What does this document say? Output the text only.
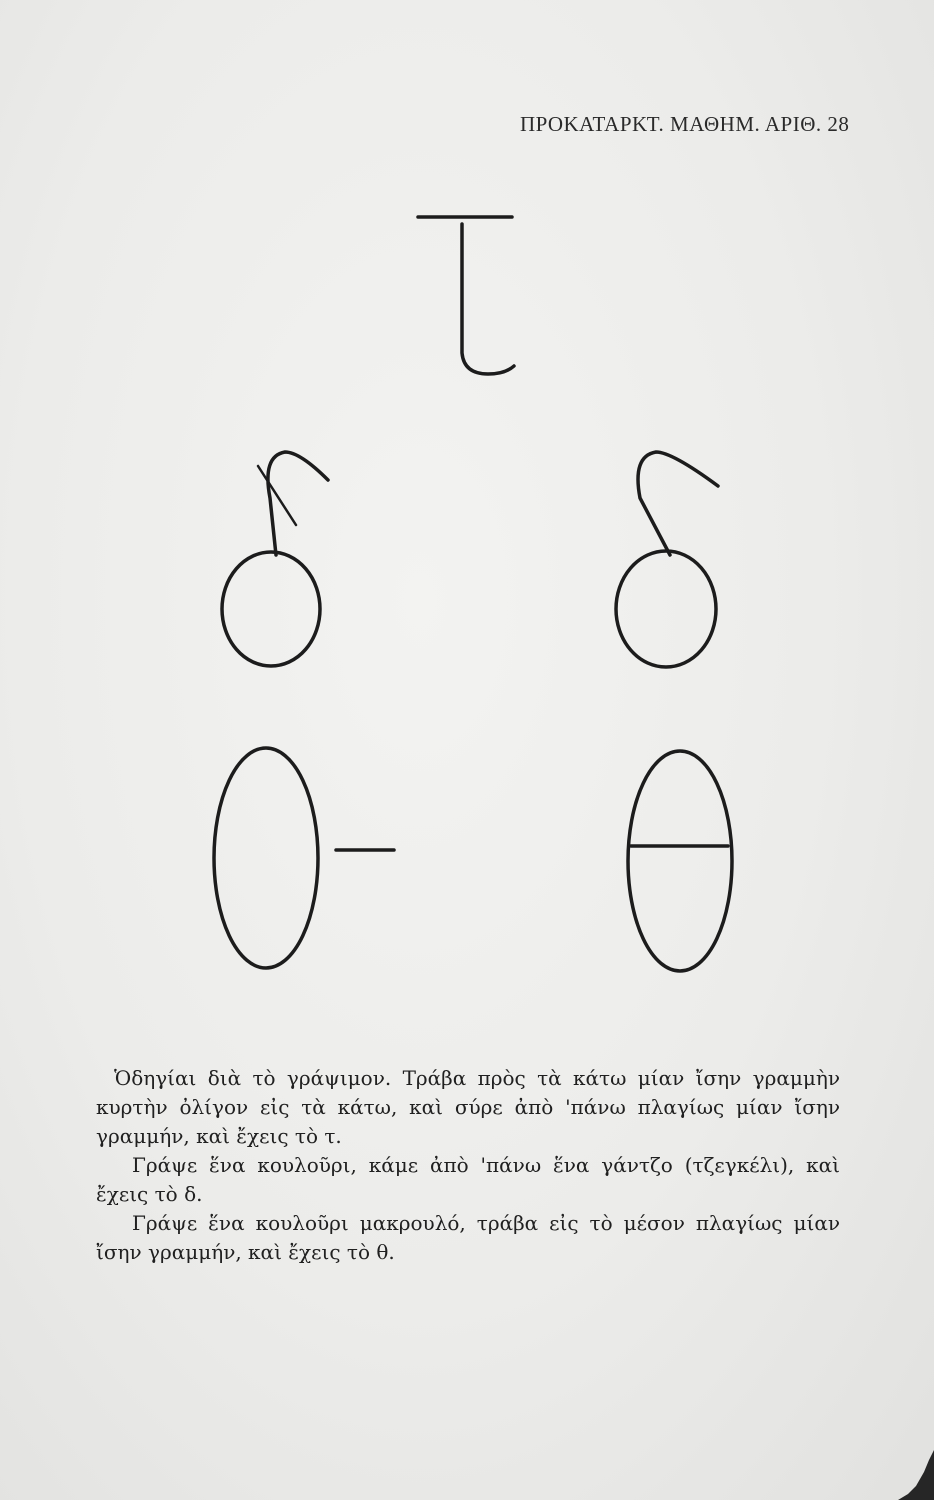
ΠΡΟΚΑΤΑΡΚΤ. ΜΑΘΗΜ. ΑΡΙΘ. 28

Ὁδηγίαι διὰ τὸ γράψιμον. Τράβα πρὸς τὰ κάτω μίαν ἴσην γραμμὴν κυρτὴν ὀλίγον εἰς τὰ κάτω, καὶ σύρε ἀπὸ 'πάνω πλαγίως μίαν ἴσην γραμμήν, καὶ ἔχεις τὸ τ.

Γράψε ἕνα κουλοῦρι, κάμε ἀπὸ 'πάνω ἕνα γάντζο (τζεγκέλι), καὶ ἔχεις τὸ δ.

Γράψε ἕνα κουλοῦρι μακρουλό, τράβα εἰς τὸ μέσον πλαγίως μίαν ἴσην γραμμήν, καὶ ἔχεις τὸ θ.
